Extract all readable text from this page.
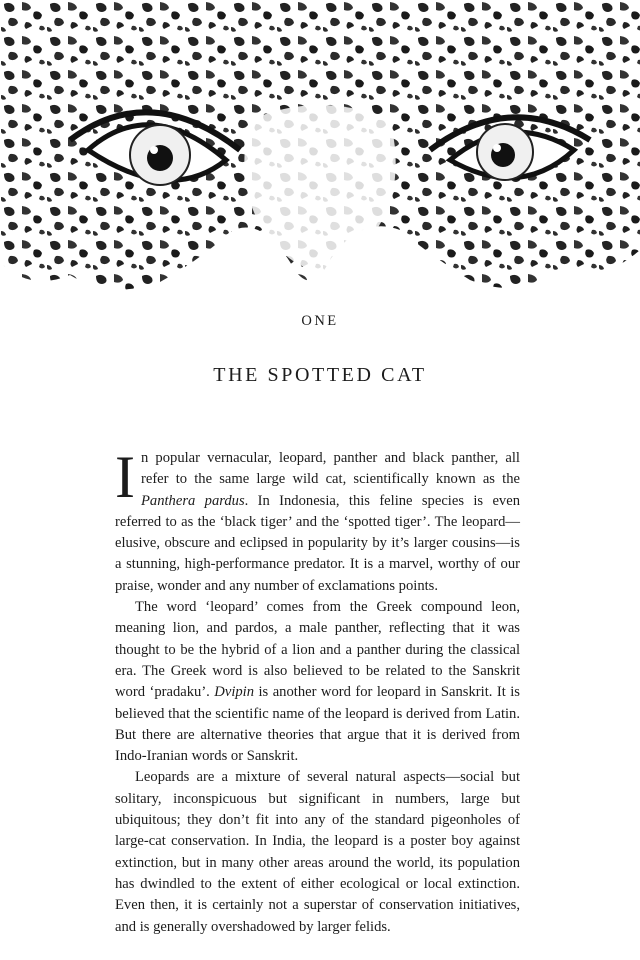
ONE
THE SPOTTED CAT

In popular vernacular, leopard, panther and black panther, all refer to the same large wild cat, scientifically known as the Panthera pardus. In Indonesia, this feline species is even referred to as the ‘black tiger’ and the ‘spotted tiger’. The leopard—elusive, obscure and eclipsed in popularity by it’s larger cousins—is a stunning, high-performance predator. It is a marvel, worthy of our praise, wonder and any number of exclamations points.

The word ‘leopard’ comes from the Greek compound leon, meaning lion, and pardos, a male panther, reflecting that it was thought to be the hybrid of a lion and a panther during the classical era. The Greek word is also believed to be related to the Sanskrit word ‘pradaku’. Dvipin is another word for leopard in Sanskrit. It is believed that the scientific name of the leopard is derived from Latin. But there are alternative theories that argue that it is derived from Indo-Iranian words or Sanskrit.

Leopards are a mixture of several natural aspects—social but solitary, inconspicuous but significant in numbers, large but ubiquitous; they don’t fit into any of the standard pigeonholes of large-cat conservation. In India, the leopard is a poster boy against extinction, but in many other areas around the world, its population has dwindled to the extent of either ecological or local extinction. Even then, it is certainly not a superstar of conservation initiatives, and is generally overshadowed by larger felids.
